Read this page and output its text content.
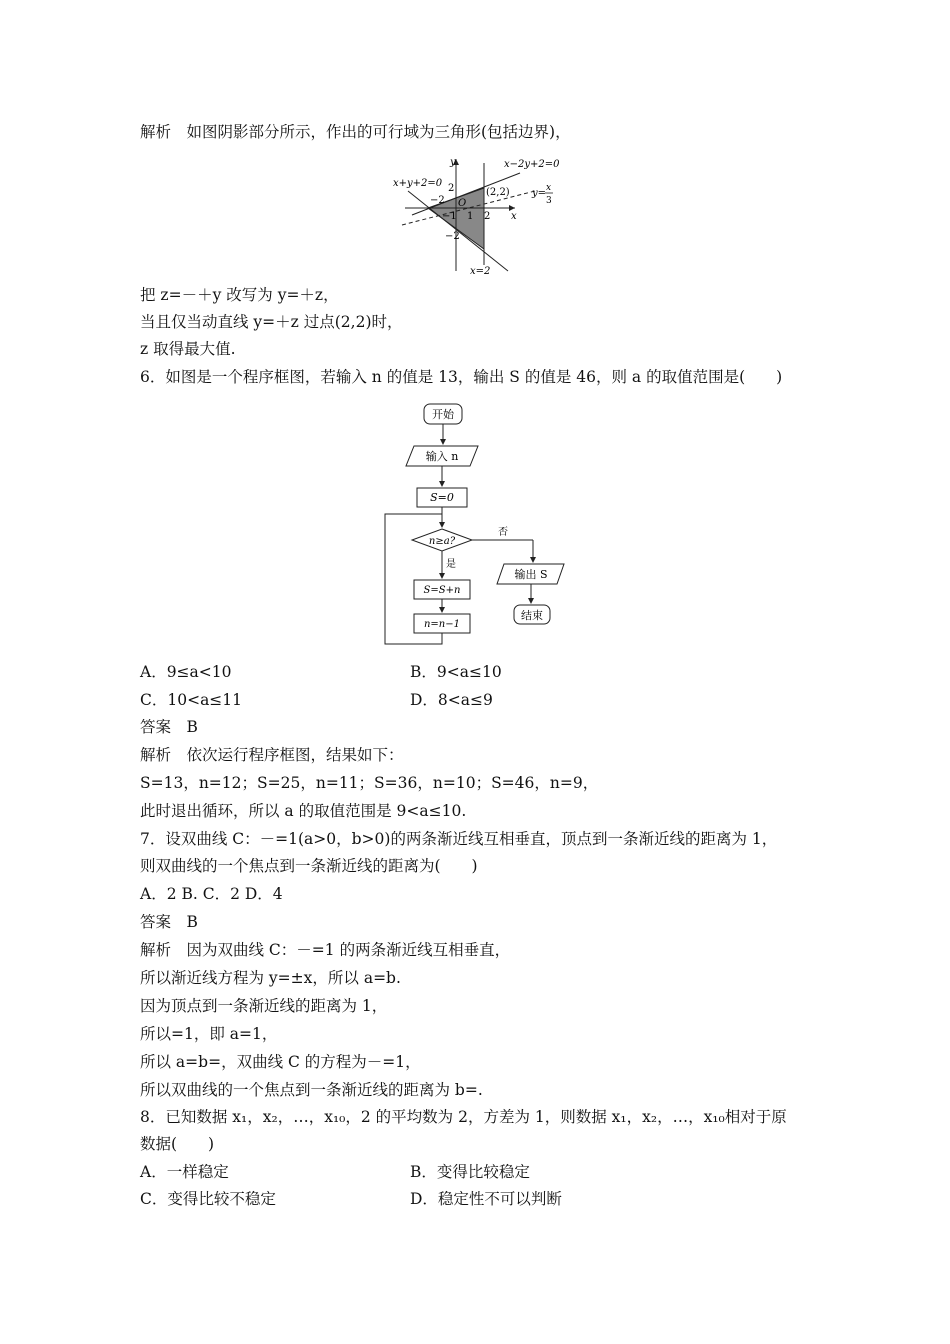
解析　如图阴影部分所示，作出的可行域为三角形(包括边界)，
y
x
x−2y+2=0
x+y+2=0
y= x
3
(2,2)
O
2
−2
−1 1 2
−2
x=2
把 z=－＋y 改写为 y=＋z，
当且仅当动直线 y=＋z 过点(2,2)时，
z 取得最大值.
6．如图是一个程序框图，若输入 n 的值是 13，输出 S 的值是 46，则 a 的取值范围是(　　)
开始
输入 n
S=0
n≥a?
否
输出 S
结束
是
S=S+n
n=n−1
A．9≤a<10	B．9<a≤10
C．10<a≤11	D．8<a≤9
答案　B
解析　依次运行程序框图，结果如下：
S=13，n=12；S=25，n=11；S=36，n=10；S=46，n=9，
此时退出循环，所以 a 的取值范围是 9<a≤10.
7．设双曲线 C：－=1(a>0，b>0)的两条渐近线互相垂直，顶点到一条渐近线的距离为 1，
则双曲线的一个焦点到一条渐近线的距离为(　　)
A．2 B. C．2 D．4
答案　B
解析　因为双曲线 C：－=1 的两条渐近线互相垂直，
所以渐近线方程为 y=±x，所以 a=b.
因为顶点到一条渐近线的距离为 1，
所以=1，即 a=1，
所以 a=b=，双曲线 C 的方程为－=1，
所以双曲线的一个焦点到一条渐近线的距离为 b=.
8．已知数据 x₁，x₂，…，x₁₀，2 的平均数为 2，方差为 1，则数据 x₁，x₂，…，x₁₀相对于原
数据(　　)
A．一样稳定	B．变得比较稳定
C．变得比较不稳定	D．稳定性不可以判断
